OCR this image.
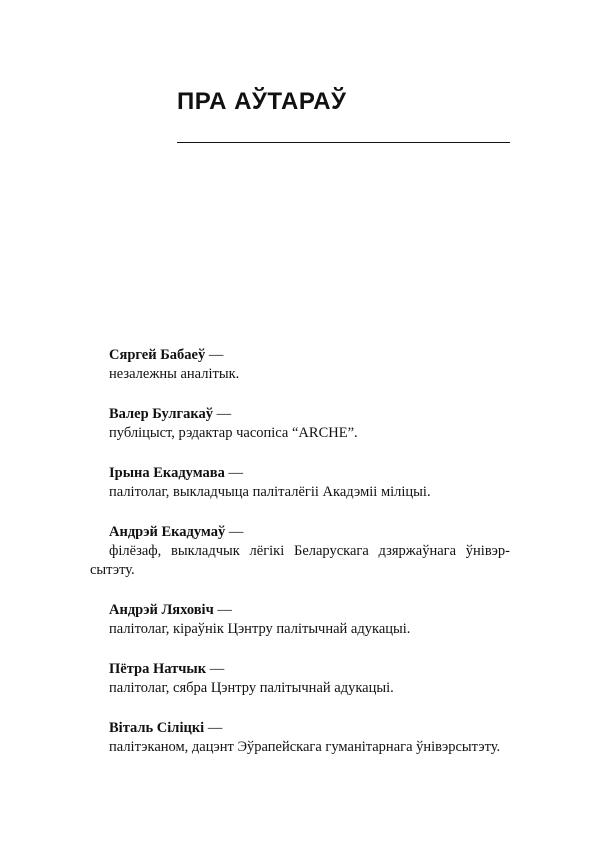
ПРА АЎТАРАЎ
Сяргей Бабаеў —
незалежны аналітык.
Валер Булгакаў —
публіцыст, рэдактар часопіса “ARCHE”.
Ірына Екадумава —
палітолаг, выкладчыца паліталёгіі Акадэміі міліцыі.
Андрэй Екадумаў —
філёзаф, выкладчык лёгікі Беларускага дзяржаўнага ўнівэрсытэту.
Андрэй Ляховіч —
палітолаг, кіраўнік Цэнтру палітычнай адукацыі.
Пётра Натчык —
палітолаг, сябра Цэнтру палітычнай адукацыі.
Віталь Сіліцкі —
палітэканом, дацэнт Эўрапейскага гуманітарнага ўнівэрсытэту.
